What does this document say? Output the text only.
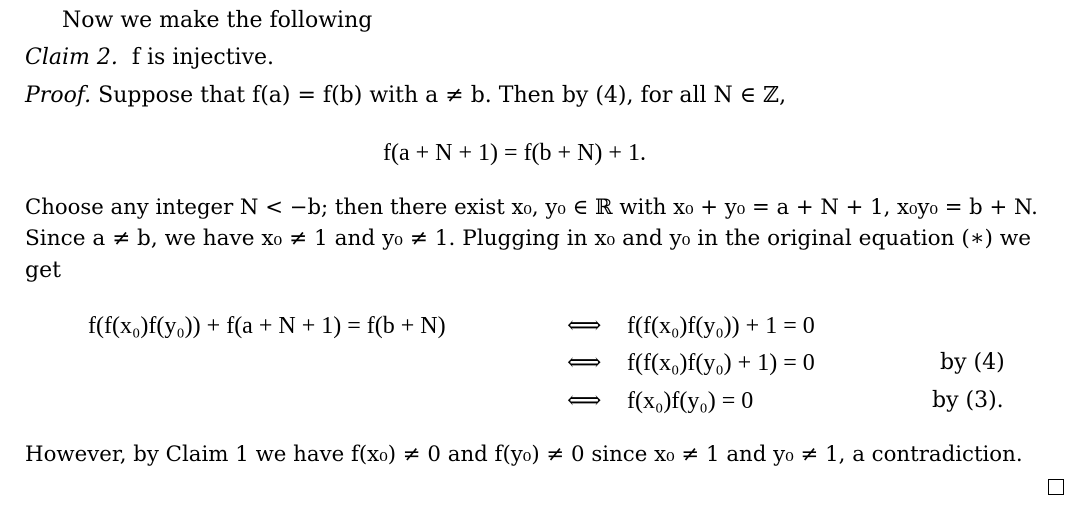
Now we make the following
Claim 2. f is injective.
Proof. Suppose that f(a) = f(b) with a ≠ b. Then by (4), for all N ∈ ℤ,
f(a + N + 1) = f(b + N) + 1.
Choose any integer N < −b; then there exist x₀, y₀ ∈ ℝ with x₀ + y₀ = a + N + 1, x₀y₀ = b + N.
Since a ≠ b, we have x₀ ≠ 1 and y₀ ≠ 1. Plugging in x₀ and y₀ in the original equation (∗) we
get
f(f(x₀)f(y₀)) + f(a + N + 1) = f(b + N)	⟺ f(f(x₀)f(y₀)) + 1 = 0
⟺ f(f(x₀)f(y₀) + 1) = 0	by (4)
⟺ f(x₀)f(y₀) = 0	by (3).
However, by Claim 1 we have f(x₀) ≠ 0 and f(y₀) ≠ 0 since x₀ ≠ 1 and y₀ ≠ 1, a contradiction.
